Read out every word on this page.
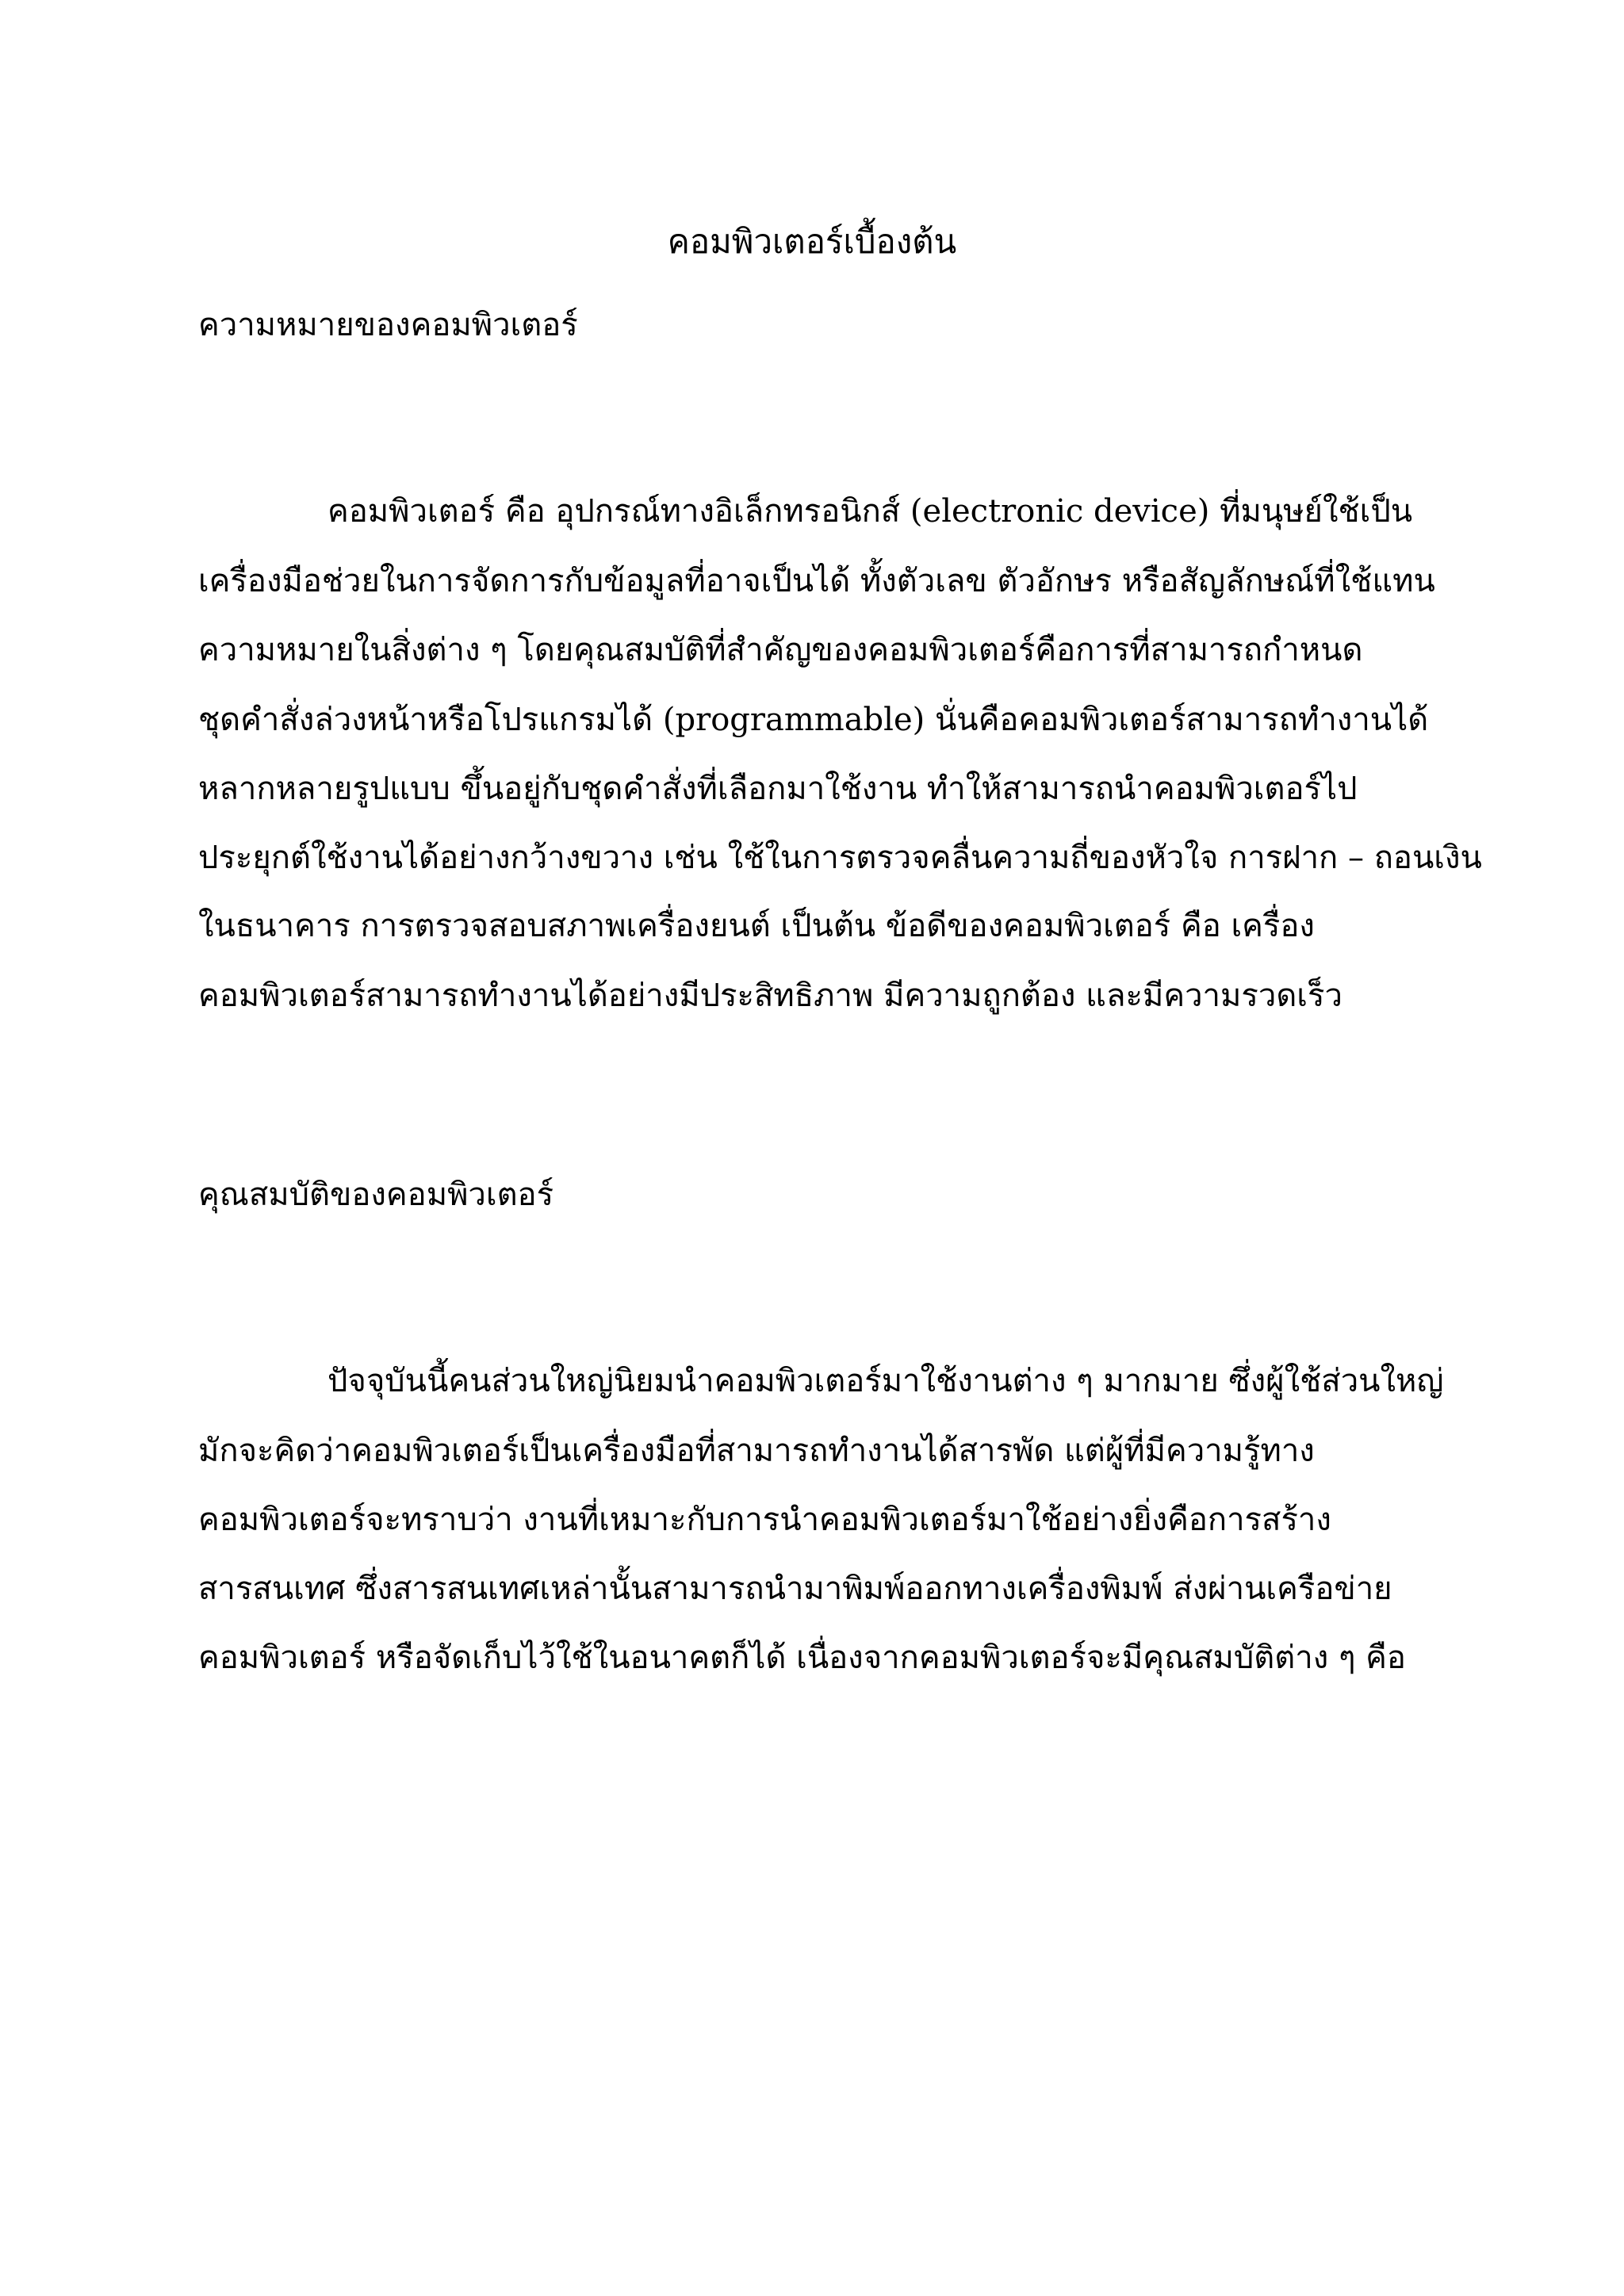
คอมพิวเตอร์เบื้องต้น
ความหมายของคอมพิวเตอร์
คอมพิวเตอร์ คือ อุปกรณ์ทางอิเล็กทรอนิกส์ (electronic device) ที่มนุษย์ใช้เป็น
เครื่องมือช่วยในการจัดการกับข้อมูลที่อาจเป็นได้ ทั้งตัวเลข ตัวอักษร หรือสัญลักษณ์ที่ใช้แทน
ความหมายในสิ่งต่าง ๆ โดยคุณสมบัติที่สำคัญของคอมพิวเตอร์คือการที่สามารถกำหนด
ชุดคำสั่งล่วงหน้าหรือโปรแกรมได้ (programmable) นั่นคือคอมพิวเตอร์สามารถทำงานได้
หลากหลายรูปแบบ ขึ้นอยู่กับชุดคำสั่งที่เลือกมาใช้งาน ทำให้สามารถนำคอมพิวเตอร์ไป
ประยุกต์ใช้งานได้อย่างกว้างขวาง เช่น ใช้ในการตรวจคลื่นความถี่ของหัวใจ การฝาก – ถอนเงิน
ในธนาคาร การตรวจสอบสภาพเครื่องยนต์ เป็นต้น ข้อดีของคอมพิวเตอร์ คือ เครื่อง
คอมพิวเตอร์สามารถทำงานได้อย่างมีประสิทธิภาพ มีความถูกต้อง และมีความรวดเร็ว
คุณสมบัติของคอมพิวเตอร์
ปัจจุบันนี้คนส่วนใหญ่นิยมนำคอมพิวเตอร์มาใช้งานต่าง ๆ มากมาย ซึ่งผู้ใช้ส่วนใหญ่
มักจะคิดว่าคอมพิวเตอร์เป็นเครื่องมือที่สามารถทำงานได้สารพัด แต่ผู้ที่มีความรู้ทาง
คอมพิวเตอร์จะทราบว่า งานที่เหมาะกับการนำคอมพิวเตอร์มาใช้อย่างยิ่งคือการสร้าง
สารสนเทศ ซึ่งสารสนเทศเหล่านั้นสามารถนำมาพิมพ์ออกทางเครื่องพิมพ์ ส่งผ่านเครือข่าย
คอมพิวเตอร์ หรือจัดเก็บไว้ใช้ในอนาคตก็ได้ เนื่องจากคอมพิวเตอร์จะมีคุณสมบัติต่าง ๆ คือ
